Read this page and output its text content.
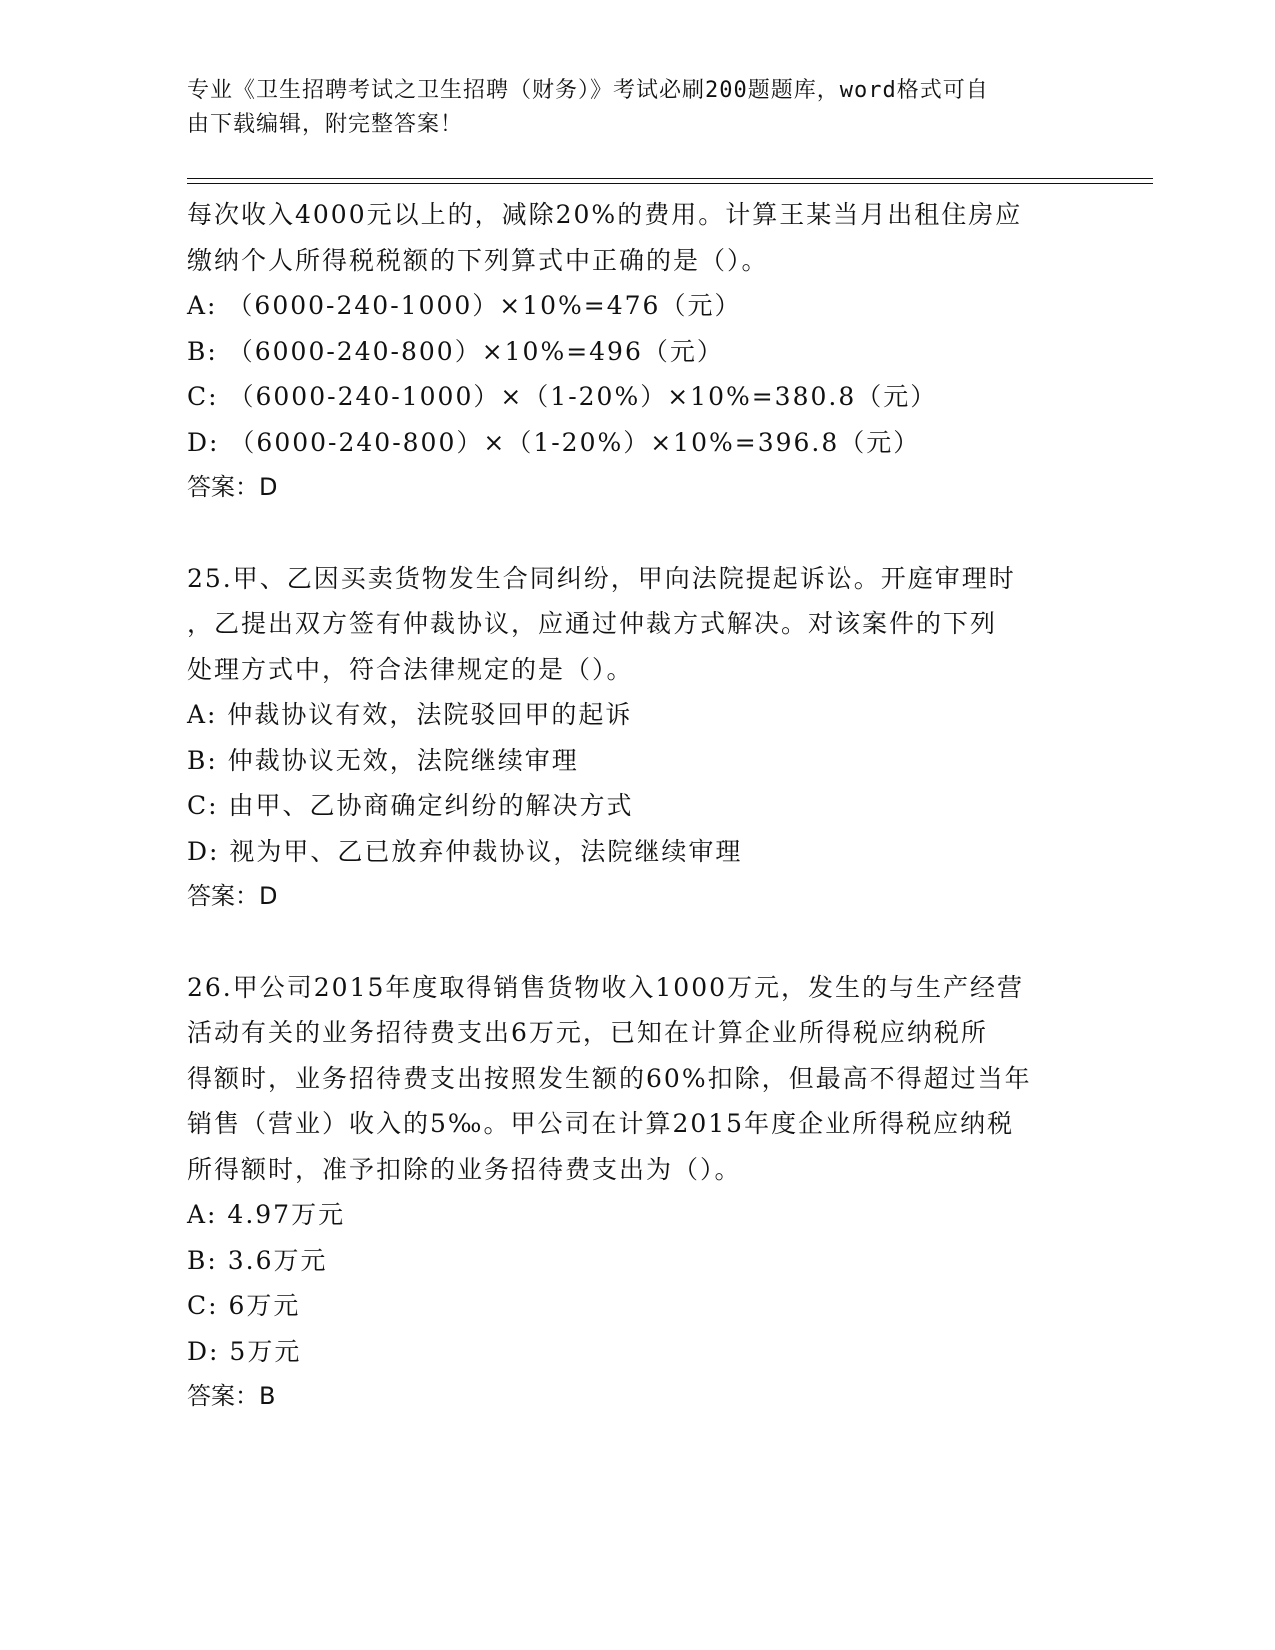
专业《卫生招聘考试之卫生招聘（财务）》考试必刷200题题库，word格式可自
由下载编辑，附完整答案！
每次收入4000元以上的，减除20%的费用。计算王某当月出租住房应
缴纳个人所得税税额的下列算式中正确的是（）。
A: （6000-240-1000）×10%=476（元）
B: （6000-240-800）×10%=496（元）
C: （6000-240-1000）×（1-20%）×10%=380.8（元）
D: （6000-240-800）×（1-20%）×10%=396.8（元）
答案：D
25.甲、乙因买卖货物发生合同纠纷，甲向法院提起诉讼。开庭审理时
，乙提出双方签有仲裁协议，应通过仲裁方式解决。对该案件的下列
处理方式中，符合法律规定的是（）。
A: 仲裁协议有效，法院驳回甲的起诉
B: 仲裁协议无效，法院继续审理
C: 由甲、乙协商确定纠纷的解决方式
D: 视为甲、乙已放弃仲裁协议，法院继续审理
答案：D
26.甲公司2015年度取得销售货物收入1000万元，发生的与生产经营
活动有关的业务招待费支出6万元，已知在计算企业所得税应纳税所
得额时，业务招待费支出按照发生额的60%扣除，但最高不得超过当年
销售（营业）收入的5‰。甲公司在计算2015年度企业所得税应纳税
所得额时，准予扣除的业务招待费支出为（）。
A: 4.97万元
B: 3.6万元
C: 6万元
D: 5万元
答案：B
